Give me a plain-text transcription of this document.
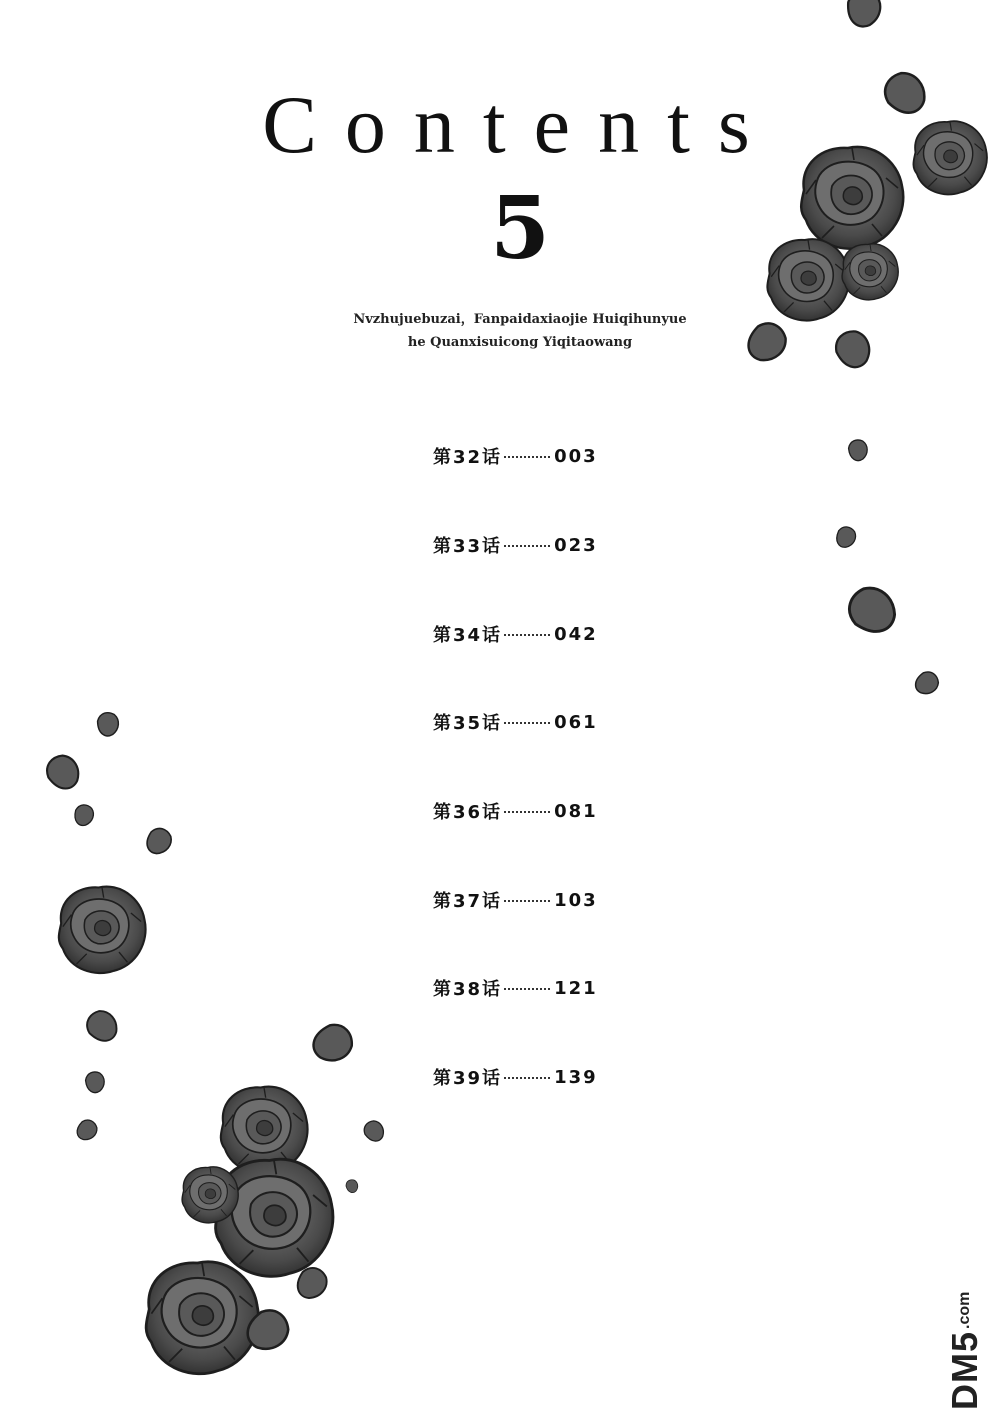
Contents
5
Nvzhujuebuzai，Fanpaidaxiaojie Huiqihunyue
he Quanxisuicong Yiqitaowang
第32话	003
第33话	023
第34话	042
第35话	061
第36话	081
第37话	103
第38话	121
第39话	139
DM5
.com
